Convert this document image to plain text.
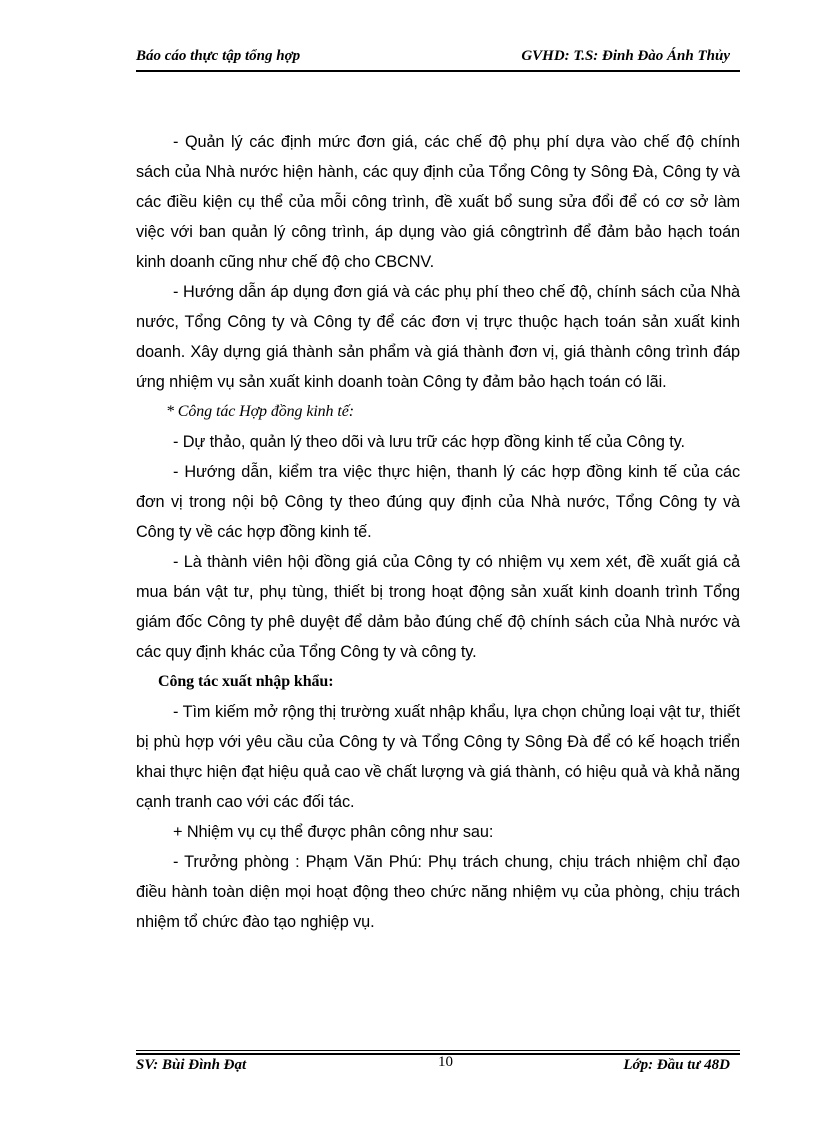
Báo cáo thực tập tổng hợp	GVHD: T.S: Đinh Đào Ánh Thủy

- Quản lý các định mức đơn giá, các chế độ phụ phí dựa vào chế độ chính sách của Nhà nước hiện hành, các quy định của Tổng Công ty Sông Đà, Công ty và các điều kiện cụ thể của mỗi công trình, đề xuất bổ sung sửa đổi để có cơ sở làm việc với ban quản lý công trình, áp dụng vào giá côngtrình để đảm bảo hạch toán kinh doanh cũng như chế độ cho CBCNV.

- Hướng dẫn áp dụng đơn giá và các phụ phí theo chế độ, chính sách của Nhà nước, Tổng Công ty và Công ty để các đơn vị trực thuộc hạch toán sản xuất kinh doanh. Xây dựng giá thành sản phẩm và giá thành đơn vị, giá thành công trình đáp ứng nhiệm vụ sản xuất kinh doanh toàn Công ty đảm bảo hạch toán có lãi.

* Công tác Hợp đồng kinh tế:

- Dự thảo, quản lý theo dõi và lưu trữ các hợp đồng kinh tế của Công ty.

- Hướng dẫn, kiểm tra việc thực hiện, thanh lý các hợp đồng kinh tế của các đơn vị trong nội bộ Công ty theo đúng quy định của Nhà nước, Tổng Công ty và Công ty về các hợp đồng kinh tế.

- Là thành viên hội đồng giá của Công ty có nhiệm vụ xem xét, đề xuất giá cả mua bán vật tư, phụ tùng, thiết bị trong hoạt động sản xuất kinh doanh trình Tổng giám đốc Công ty phê duyệt để dảm bảo đúng chế độ chính sách của Nhà nước và các quy định khác của Tổng Công ty và công ty.

Công tác xuất nhập khẩu:

- Tìm kiếm mở rộng thị trường xuất nhập khẩu, lựa chọn chủng loại vật tư, thiết bị phù hợp với yêu cầu của Công ty và Tổng Công ty Sông Đà để có kế hoạch triển khai thực hiện đạt hiệu quả cao về chất lượng và giá thành, có hiệu quả và khả năng cạnh tranh cao với các đối tác.

+ Nhiệm vụ cụ thể được phân công như sau:

- Trưởng phòng : Phạm Văn Phú: Phụ trách chung, chịu trách nhiệm chỉ đạo điều hành toàn diện mọi hoạt động theo chức năng nhiệm vụ của phòng, chịu trách nhiệm tổ chức đào tạo nghiệp vụ.

SV: Bùi Đình Đạt	10	Lớp: Đầu tư 48D
